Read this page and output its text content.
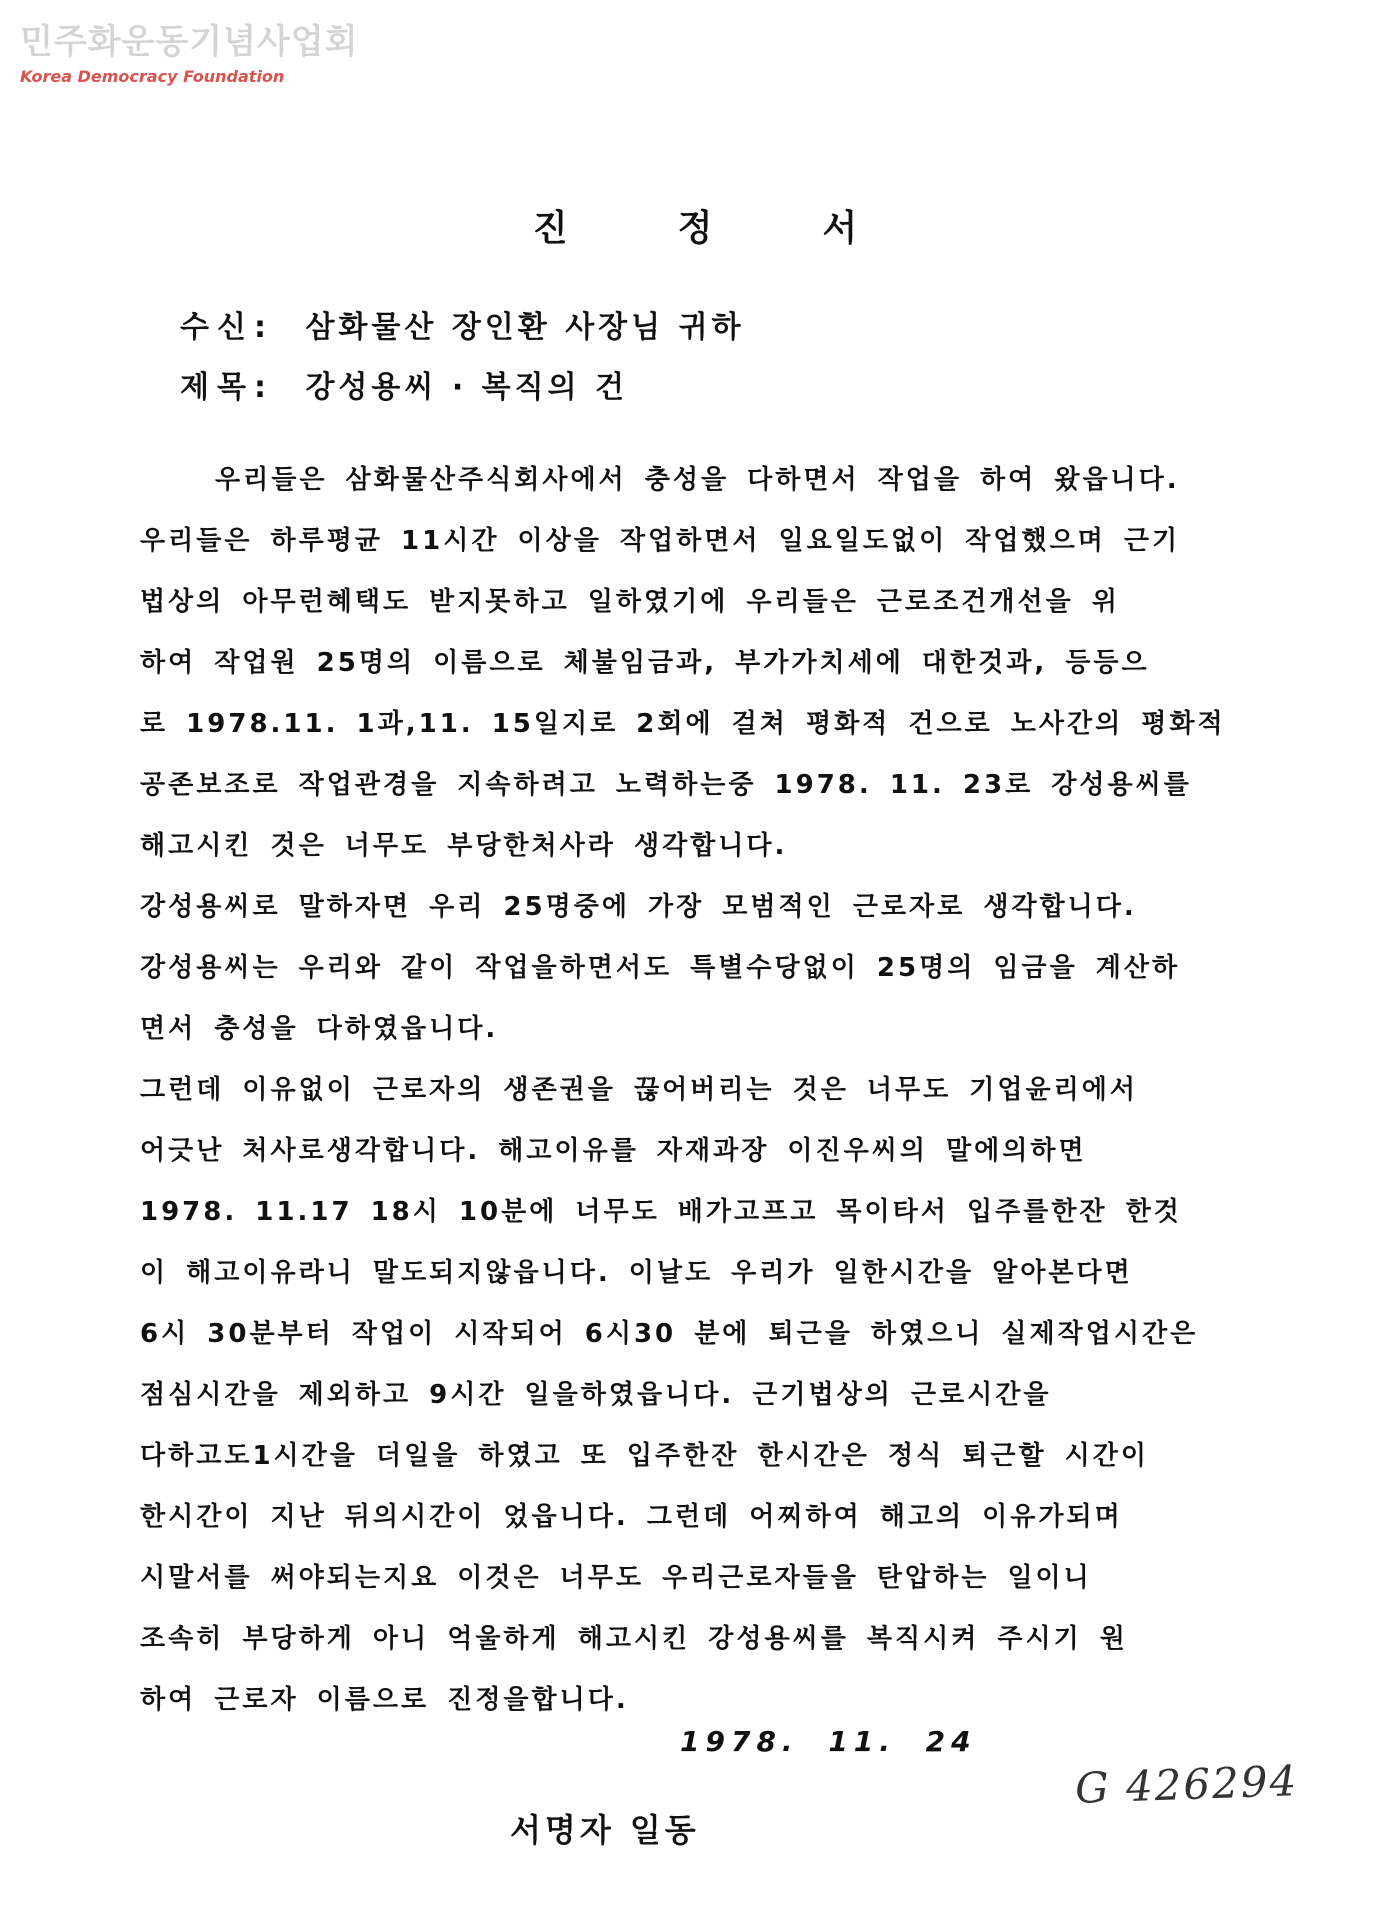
민주화운동기념사업회
Korea Democracy Foundation
진정서
수신: 삼화물산 장인환 사장님 귀하
제목: 강성용씨 · 복직의 건
우리들은 삼화물산주식회사에서 충성을 다하면서 작업을 하여 왔읍니다.
우리들은 하루평균 11시간 이상을 작업하면서 일요일도없이 작업했으며 근기
법상의 아무런혜택도 받지못하고 일하였기에 우리들은 근로조건개선을 위
하여 작업원 25명의 이름으로 체불임금과, 부가가치세에 대한것과, 등등으
로 1978.11. 1과,11. 15일지로 2회에 걸쳐 평화적 건으로 노사간의 평화적
공존보조로 작업관경을 지속하려고 노력하는중 1978. 11. 23로 강성용씨를
해고시킨 것은 너무도 부당한처사라 생각합니다.
강성용씨로 말하자면 우리 25명중에 가장 모범적인 근로자로 생각합니다.
강성용씨는 우리와 같이 작업을하면서도 특별수당없이 25명의 임금을 계산하
면서 충성을 다하였읍니다.
그런데 이유없이 근로자의 생존권을 끊어버리는 것은 너무도 기업윤리에서
어긋난 처사로생각합니다. 해고이유를 자재과장 이진우씨의 말에의하면
1978. 11.17 18시 10분에 너무도 배가고프고 목이타서 입주를한잔 한것
이 해고이유라니 말도되지않읍니다. 이날도 우리가 일한시간을 알아본다면
6시 30분부터 작업이 시작되어 6시30 분에 퇴근을 하였으니 실제작업시간은
점심시간을 제외하고 9시간 일을하였읍니다. 근기법상의 근로시간을
다하고도1시간을 더일을 하였고 또 입주한잔 한시간은 정식 퇴근할 시간이
한시간이 지난 뒤의시간이 었읍니다. 그런데 어찌하여 해고의 이유가되며
시말서를 써야되는지요 이것은 너무도 우리근로자들을 탄압하는 일이니
조속히 부당하게 아니 억울하게 해고시킨 강성용씨를 복직시켜 주시기 원
하여 근로자 이름으로 진정을합니다.
1978. 11. 24
G 426294
서명자 일동
